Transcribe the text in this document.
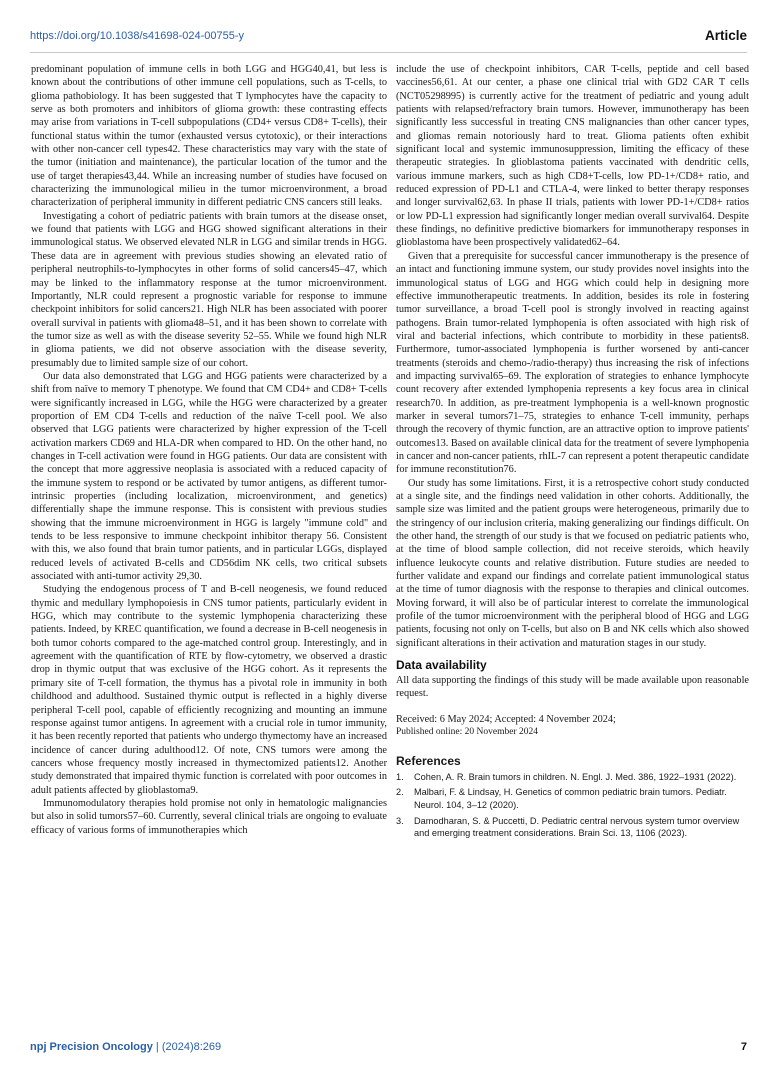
https://doi.org/10.1038/s41698-024-00755-y	Article

predominant population of immune cells in both LGG and HGG40,41, but less is known about the contributions of other immune cell populations, such as T-cells, to glioma pathobiology. It has been suggested that T lymphocytes have the capacity to serve as both promoters and inhibitors of glioma growth: these contrasting effects may arise from variations in T-cell subpopulations (CD4+ versus CD8+ T-cells), their functional status within the tumor (exhausted versus cytotoxic), or their interactions with other non-cancer cell types42. These characteristics may vary with the state of the tumor (initiation and maintenance), the particular location of the tumor and the use of target therapies43,44. While an increasing number of studies have focused on characterizing the immunological milieu in the tumor microenvironment, a broad characterization of peripheral immunity in different pediatric CNS cancers still leaks.

Investigating a cohort of pediatric patients with brain tumors at the disease onset, we found that patients with LGG and HGG showed significant alterations in their immunological status. We observed elevated NLR in LGG and similar trends in HGG. These data are in agreement with previous studies showing an elevated ratio of peripheral neutrophils-to-lymphocytes in other forms of solid cancers45–47, which may be linked to the inflammatory response at the tumor microenvironment. Importantly, NLR could represent a prognostic variable for response to immune checkpoint inhibitors for solid cancers21. High NLR has been associated with poorer overall survival in patients with glioma48–51, and it has been shown to correlate with the tumor size as well as with the disease severity 52–55. While we found high NLR in glioma patients, we did not observe association with the disease severity, presumably due to limited sample size of our cohort.

Our data also demonstrated that LGG and HGG patients were characterized by a shift from naïve to memory T phenotype. We found that CM CD4+ and CD8+ T-cells were significantly increased in LGG, while the HGG were characterized by a greater proportion of EM CD4 T-cells and reduction of the naïve T-cell pool. We also observed that LGG patients were characterized by higher expression of the T-cell activation markers CD69 and HLA-DR when compared to HD. On the other hand, no changes in T-cell activation were found in HGG patients. Our data are consistent with the concept that more aggressive neoplasia is associated with a reduced capacity of the immune system to respond or be activated by tumor antigens, as different tumor-intrinsic properties (including localization, microenvironment, and genetics) differentially shape the immune response. This is consistent with previous studies showing that the immune microenvironment in HGG is largely "immune cold" and tends to be less responsive to immune checkpoint inhibitor therapy 56. Consistent with this, we also found that brain tumor patients, and in particular LGGs, displayed reduced levels of activated B-cells and CD56dim NK cells, two critical subsets associated with anti-tumor activity 29,30.

Studying the endogenous process of T and B-cell neogenesis, we found reduced thymic and medullary lymphopoiesis in CNS tumor patients, particularly evident in HGG, which may contribute to the systemic lymphopenia characterizing these patients. Indeed, by KREC quantification, we found a decrease in B-cell neogenesis in both tumor cohorts compared to the age-matched control group. Interestingly, and in agreement with the quantification of RTE by flow-cytometry, we observed a drastic drop in thymic output that was exclusive of the HGG cohort. As it represents the primary site of T-cell formation, the thymus has a pivotal role in immunity in both childhood and adulthood. Sustained thymic output is reflected in a highly diverse peripheral T-cell pool, capable of efficiently recognizing and mounting an immune response against tumor antigens. In agreement with a crucial role in tumor immunity, it has been recently reported that patients who undergo thymectomy have an increased incidence of cancer during adulthood12. Of note, CNS tumors were among the cancers whose frequency mostly increased in thymectomized patients12. Another study demonstrated that impaired thymic function is correlated with poor outcomes in adult patients affected by glioblastoma9.

Immunomodulatory therapies hold promise not only in hematologic malignancies but also in solid tumors57–60. Currently, several clinical trials are ongoing to evaluate efficacy of various forms of immunotherapies which

include the use of checkpoint inhibitors, CAR T-cells, peptide and cell based vaccines56,61. At our center, a phase one clinical trial with GD2 CAR T cells (NCT05298995) is currently active for the treatment of pediatric and young adult patients with relapsed/refractory brain tumors. However, immunotherapy has been significantly less successful in treating CNS malignancies than other cancer types, and gliomas remain notoriously hard to treat. Glioma patients often exhibit significant local and systemic immunosuppression, limiting the efficacy of these therapeutic strategies. In glioblastoma patients vaccinated with dendritic cells, various immune markers, such as high CD8+T-cells, low PD-1+/CD8+ ratio, and reduced expression of PD-L1 and CTLA-4, were linked to better therapy responses and longer survival62,63. In phase II trials, patients with lower PD-1+/CD8+ ratios or low PD-L1 expression had significantly longer median overall survival64. Despite these findings, no definitive predictive biomarkers for immunotherapy responses in glioblastoma have been prospectively validated62–64.

Given that a prerequisite for successful cancer immunotherapy is the presence of an intact and functioning immune system, our study provides novel insights into the immunological status of LGG and HGG which could help in designing more effective immunotherapeutic treatments. In addition, besides its role in fostering tumor surveillance, a broad T-cell pool is strongly involved in reacting against pathogens. Brain tumor-related lymphopenia is often associated with high risk of viral and bacterial infections, which contribute to morbidity in these patients8. Furthermore, tumor-associated lymphopenia is further worsened by anti-cancer treatments (steroids and chemo-/radio-therapy) thus increasing the risk of infections and impacting survival65–69. The exploration of strategies to enhance lymphocyte count recovery after extended lymphopenia represents a key focus area in clinical research70. In addition, as pre-treatment lymphopenia is a well-known prognostic marker in several tumors71–75, strategies to enhance T-cell immunity, perhaps through the recovery of thymic function, are an attractive option to improve patients' outcomes13. Based on available clinical data for the treatment of severe lymphopenia in cancer and non-cancer patients, rhIL-7 can represent a potent therapeutic candidate for immune reconstitution76.

Our study has some limitations. First, it is a retrospective cohort study conducted at a single site, and the findings need validation in other cohorts. Additionally, the sample size was limited and the patient groups were heterogeneous, primarily due to the stringency of our inclusion criteria, making generalizing our findings difficult. On the other hand, the strength of our study is that we focused on pediatric patients who, at the time of blood sample collection, did not receive steroids, which heavily influence leukocyte counts and relative distribution. Future studies are needed to further validate and expand our findings and correlate patient immunological status at the time of tumor diagnosis with the response to therapies and clinical outcomes. Moving forward, it will also be of particular interest to correlate the immunological profile of the tumor microenvironment with the peripheral blood of HGG and LGG patients, focusing not only on T-cells, but also on B and NK cells which also showed significant alterations in their activation and maturation stages in our study.

Data availability

All data supporting the findings of this study will be made available upon reasonable request.

Received: 6 May 2024; Accepted: 4 November 2024;
Published online: 20 November 2024
References
1.	Cohen, A. R. Brain tumors in children. N. Engl. J. Med. 386, 1922–1931 (2022).
2.	Malbari, F. & Lindsay, H. Genetics of common pediatric brain tumors. Pediatr. Neurol. 104, 3–12 (2020).
3.	Damodharan, S. & Puccetti, D. Pediatric central nervous system tumor overview and emerging treatment considerations. Brain Sci. 13, 1106 (2023).
npj Precision Oncology | (2024)8:269	7
